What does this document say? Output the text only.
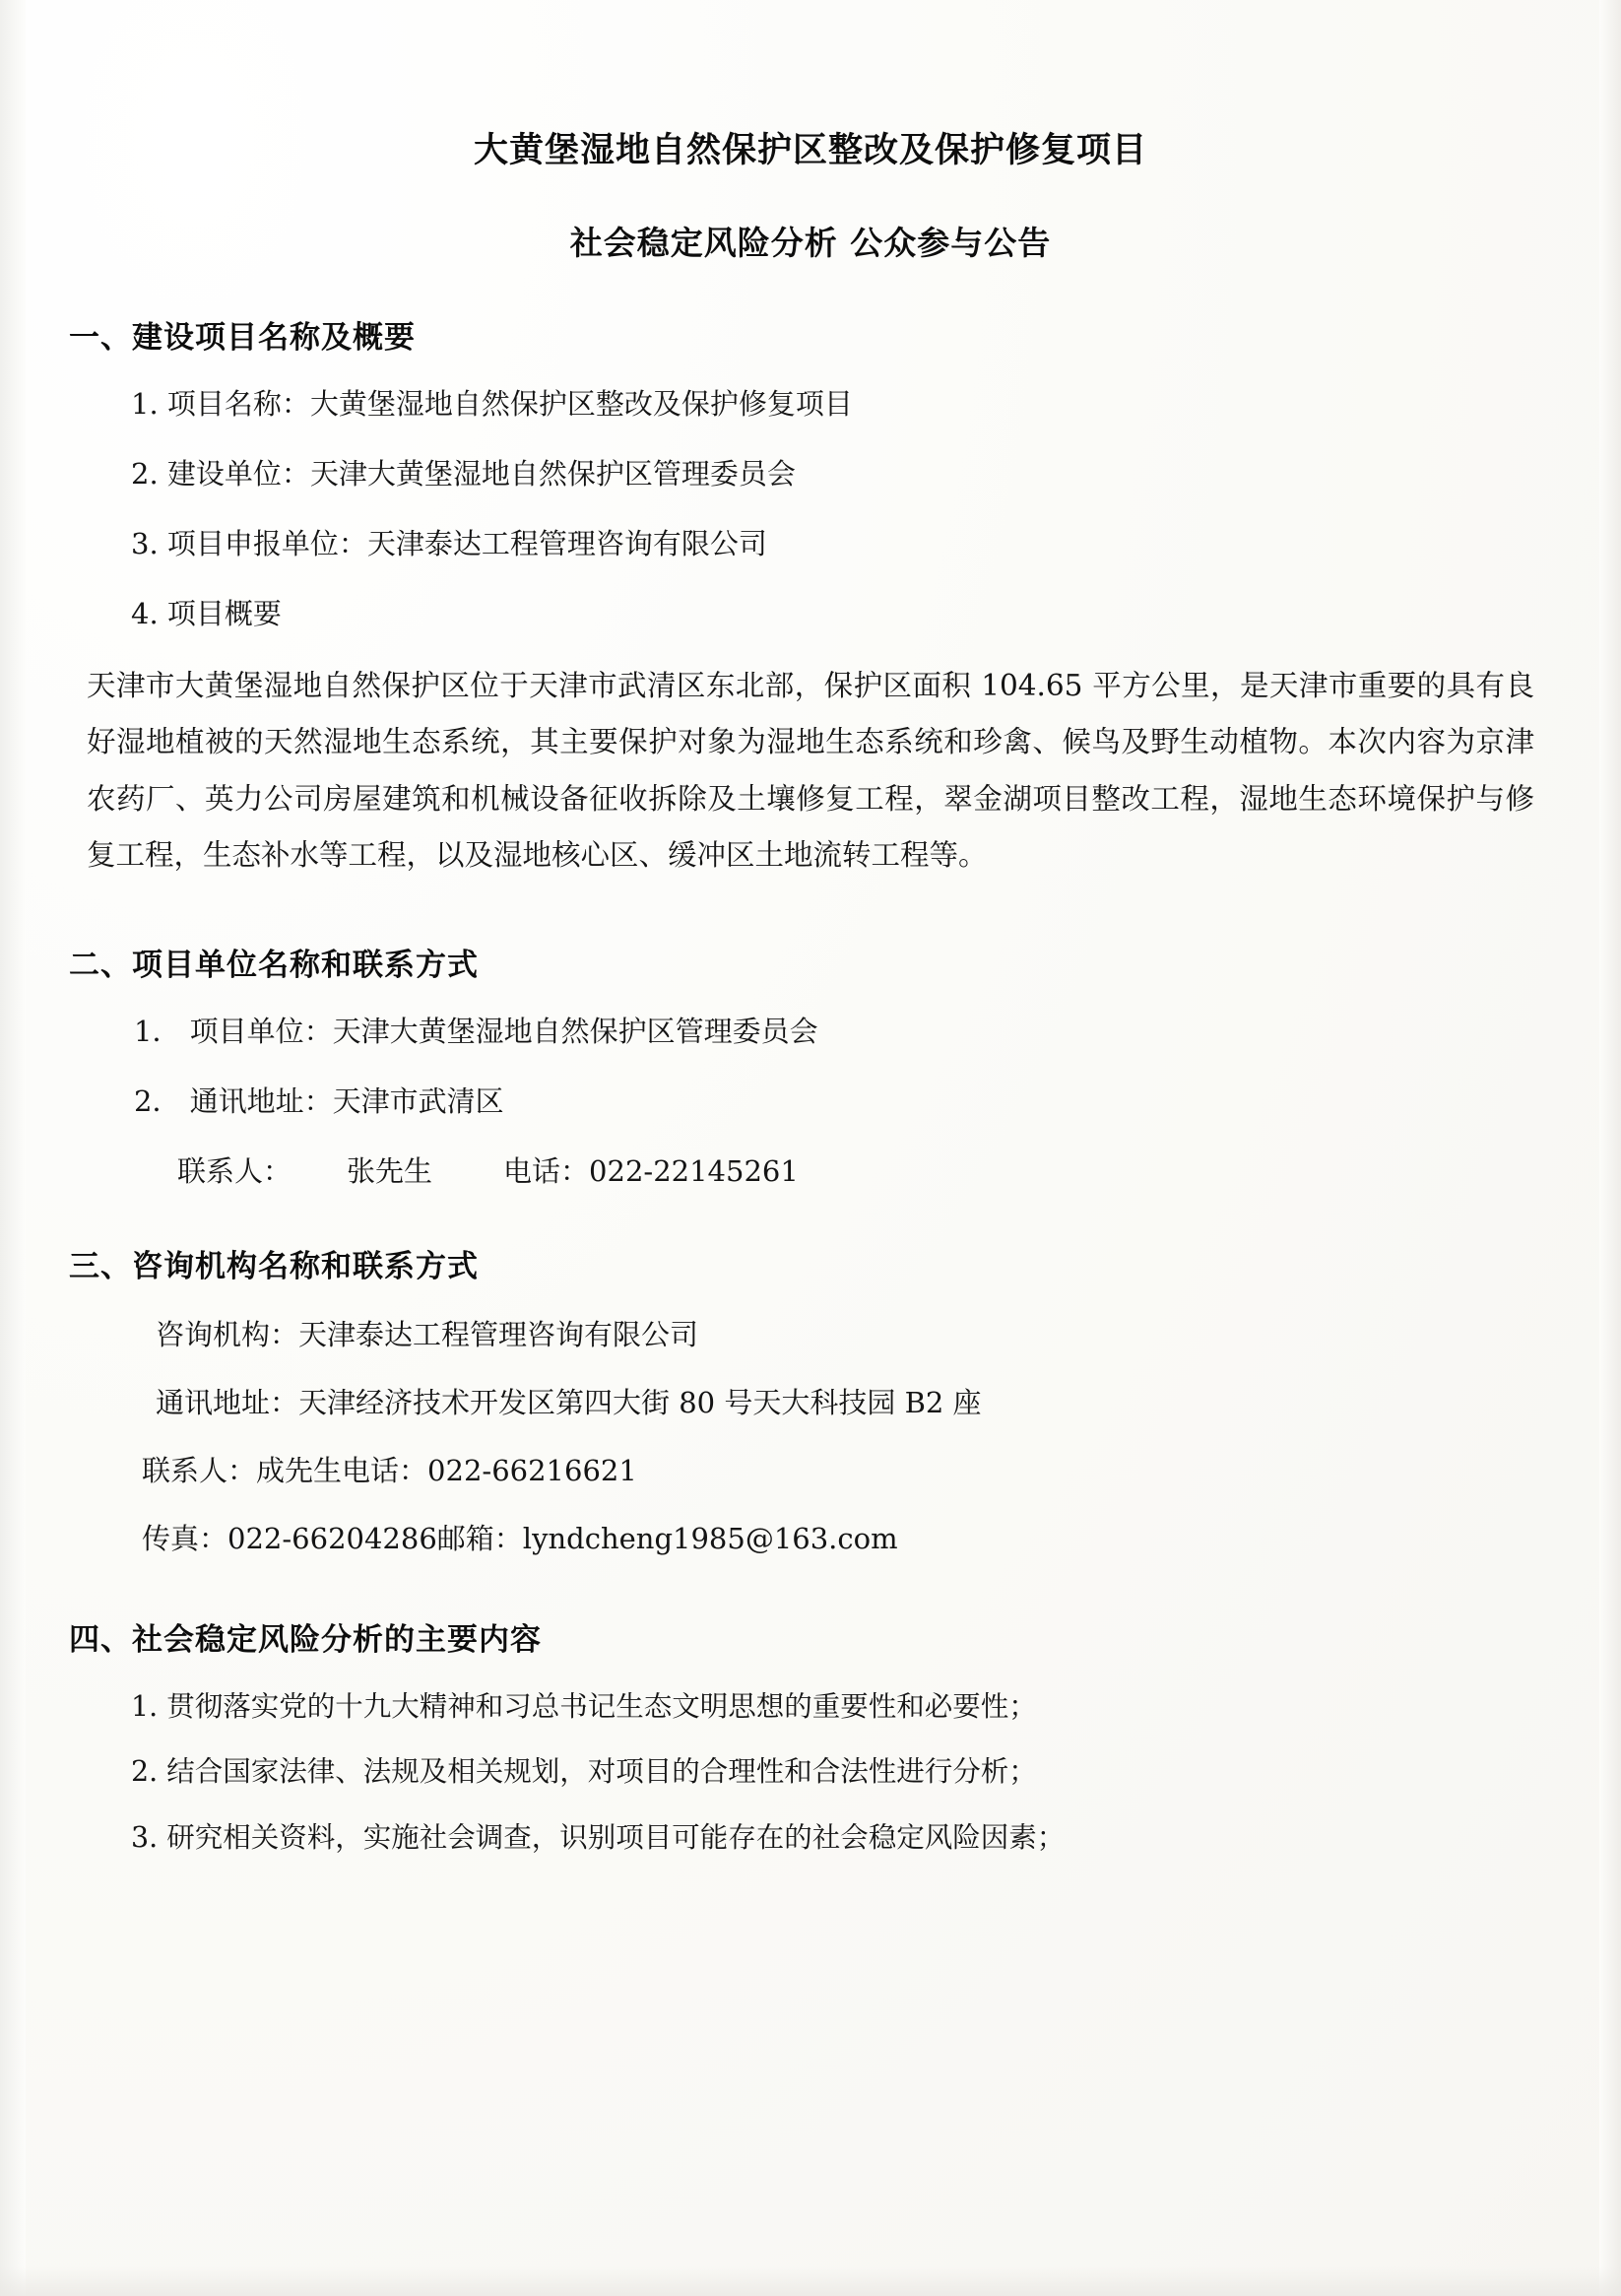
大黄堡湿地自然保护区整改及保护修复项目
社会稳定风险分析 公众参与公告
一、建设项目名称及概要
1. 项目名称：大黄堡湿地自然保护区整改及保护修复项目
2. 建设单位：天津大黄堡湿地自然保护区管理委员会
3. 项目申报单位：天津泰达工程管理咨询有限公司
4. 项目概要
天津市大黄堡湿地自然保护区位于天津市武清区东北部，保护区面积 104.65 平方公里，是天津市重要的具有良好湿地植被的天然湿地生态系统，其主要保护对象为湿地生态系统和珍禽、候鸟及野生动植物。本次内容为京津农药厂、英力公司房屋建筑和机械设备征收拆除及土壤修复工程，翠金湖项目整改工程，湿地生态环境保护与修复工程，生态补水等工程，以及湿地核心区、缓冲区土地流转工程等。
二、项目单位名称和联系方式
1． 项目单位：天津大黄堡湿地自然保护区管理委员会
2． 通讯地址：天津市武清区
联系人： 张先生 电话：022-22145261
三、咨询机构名称和联系方式
咨询机构：天津泰达工程管理咨询有限公司
通讯地址：天津经济技术开发区第四大街 80 号天大科技园 B2 座
联系人：成先生电话：022-66216621
传真：022-66204286邮箱：lyndcheng1985@163.com
四、社会稳定风险分析的主要内容
1. 贯彻落实党的十九大精神和习总书记生态文明思想的重要性和必要性；
2. 结合国家法律、法规及相关规划，对项目的合理性和合法性进行分析；
3. 研究相关资料，实施社会调查，识别项目可能存在的社会稳定风险因素；
